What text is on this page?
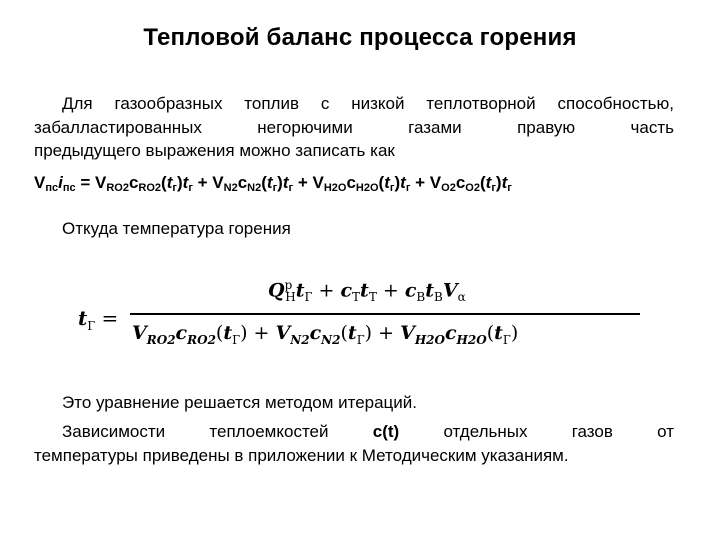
Тепловой баланс процесса горения
Для газообразных топлив с низкой теплотворной способностью,
забалластированных негорючими газами правую часть
предыдущего выражения можно записать как
$V_{пс}i_{пс} = V_{RO2}c_{RO2}(t_г)t_г + V_{N2}c_{N2}(t_г)t_г + V_{H2O}c_{H2O}(t_г)t_г + V_{O2}c_{O2}(t_г)t_г$
Откуда температура горения
$t_Г$ =
$Q^р_Нt_Г + c_Тt_Т + c_Вt_ВV_\alpha$
$V_{RO2}c_{RO2}(t_Г) + V_{N2}c_{N2}(t_Г) + V_{H2O}c_{H2O}(t_Г)$
Это уравнение решается методом итераций.
Зависимости теплоемкостей	c(t)	отдельных газов от
температуры приведены в приложении к Методическим указаниям.
